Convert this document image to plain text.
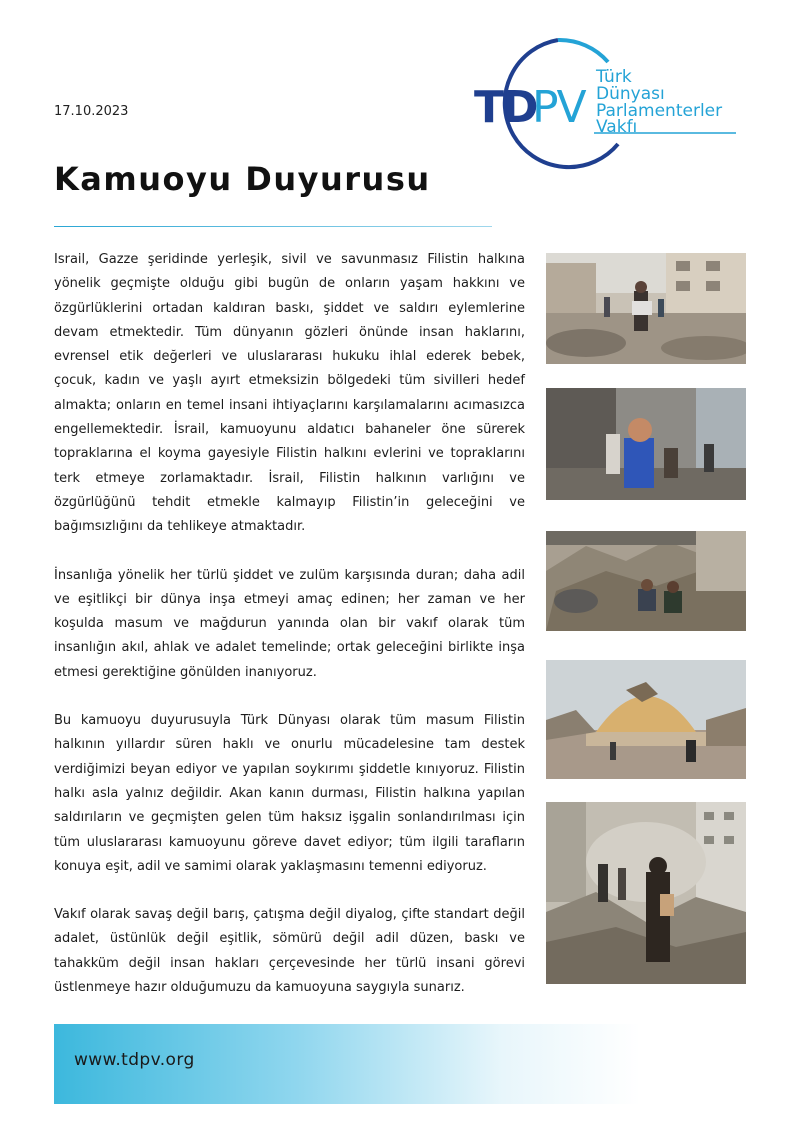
17.10.2023	TD
PV
Türk
Dünyası
Parlamenterler
Vakfı
Kamuoyu Duyurusu

Israil, Gazze şeridinde yerleşik, sivil ve savunmasız Filistin halkına yönelik geçmişte olduğu gibi bugün de onların yaşam hakkını ve özgürlüklerini ortadan kaldıran baskı, şiddet ve saldırı eylemlerine devam etmektedir. Tüm dünyanın gözleri önünde insan haklarını, evrensel etik değerleri ve uluslararası hukuku ihlal ederek bebek, çocuk, kadın ve yaşlı ayırt etmeksizin bölgedeki tüm sivilleri hedef almakta; onların en temel insani ihtiyaçlarını karşılamalarını acımasızca engellemektedir. İsrail, kamuoyunu aldatıcı bahaneler öne sürerek topraklarına el koyma gayesiyle Filistin halkını evlerini ve topraklarını terk etmeye zorlamaktadır. İsrail, Filistin halkının varlığını ve özgürlüğünü tehdit etmekle kalmayıp Filistin’in geleceğini ve bağımsızlığını da tehlikeye atmaktadır.

İnsanlığa yönelik her türlü şiddet ve zulüm karşısında duran; daha adil ve eşitlikçi bir dünya inşa etmeyi amaç edinen; her zaman ve her koşulda masum ve mağdurun yanında olan bir vakıf olarak tüm insanlığın akıl, ahlak ve adalet temelinde; ortak geleceğini birlikte inşa etmesi gerektiğine gönülden inanıyoruz.

Bu kamuoyu duyurusuyla Türk Dünyası olarak tüm masum Filistin halkının yıllardır süren haklı ve onurlu mücadelesine tam destek verdiğimizi beyan ediyor ve yapılan soykırımı şiddetle kınıyoruz. Filistin halkı asla yalnız değildir. Akan kanın durması, Filistin halkına yapılan saldırıların ve geçmişten gelen tüm haksız işgalin sonlandırılması için tüm uluslararası kamuoyunu göreve davet ediyor; tüm ilgili tarafların konuya eşit, adil ve samimi olarak yaklaşmasını temenni ediyoruz.

Vakıf olarak savaş değil barış, çatışma değil diyalog, çifte standart değil adalet, üstünlük değil eşitlik, sömürü değil adil düzen, baskı ve tahakküm değil insan hakları çerçevesinde her türlü insani görevi üstlenmeye hazır olduğumuzu da kamuoyuna saygıyla sunarız.

www.tdpv.org
